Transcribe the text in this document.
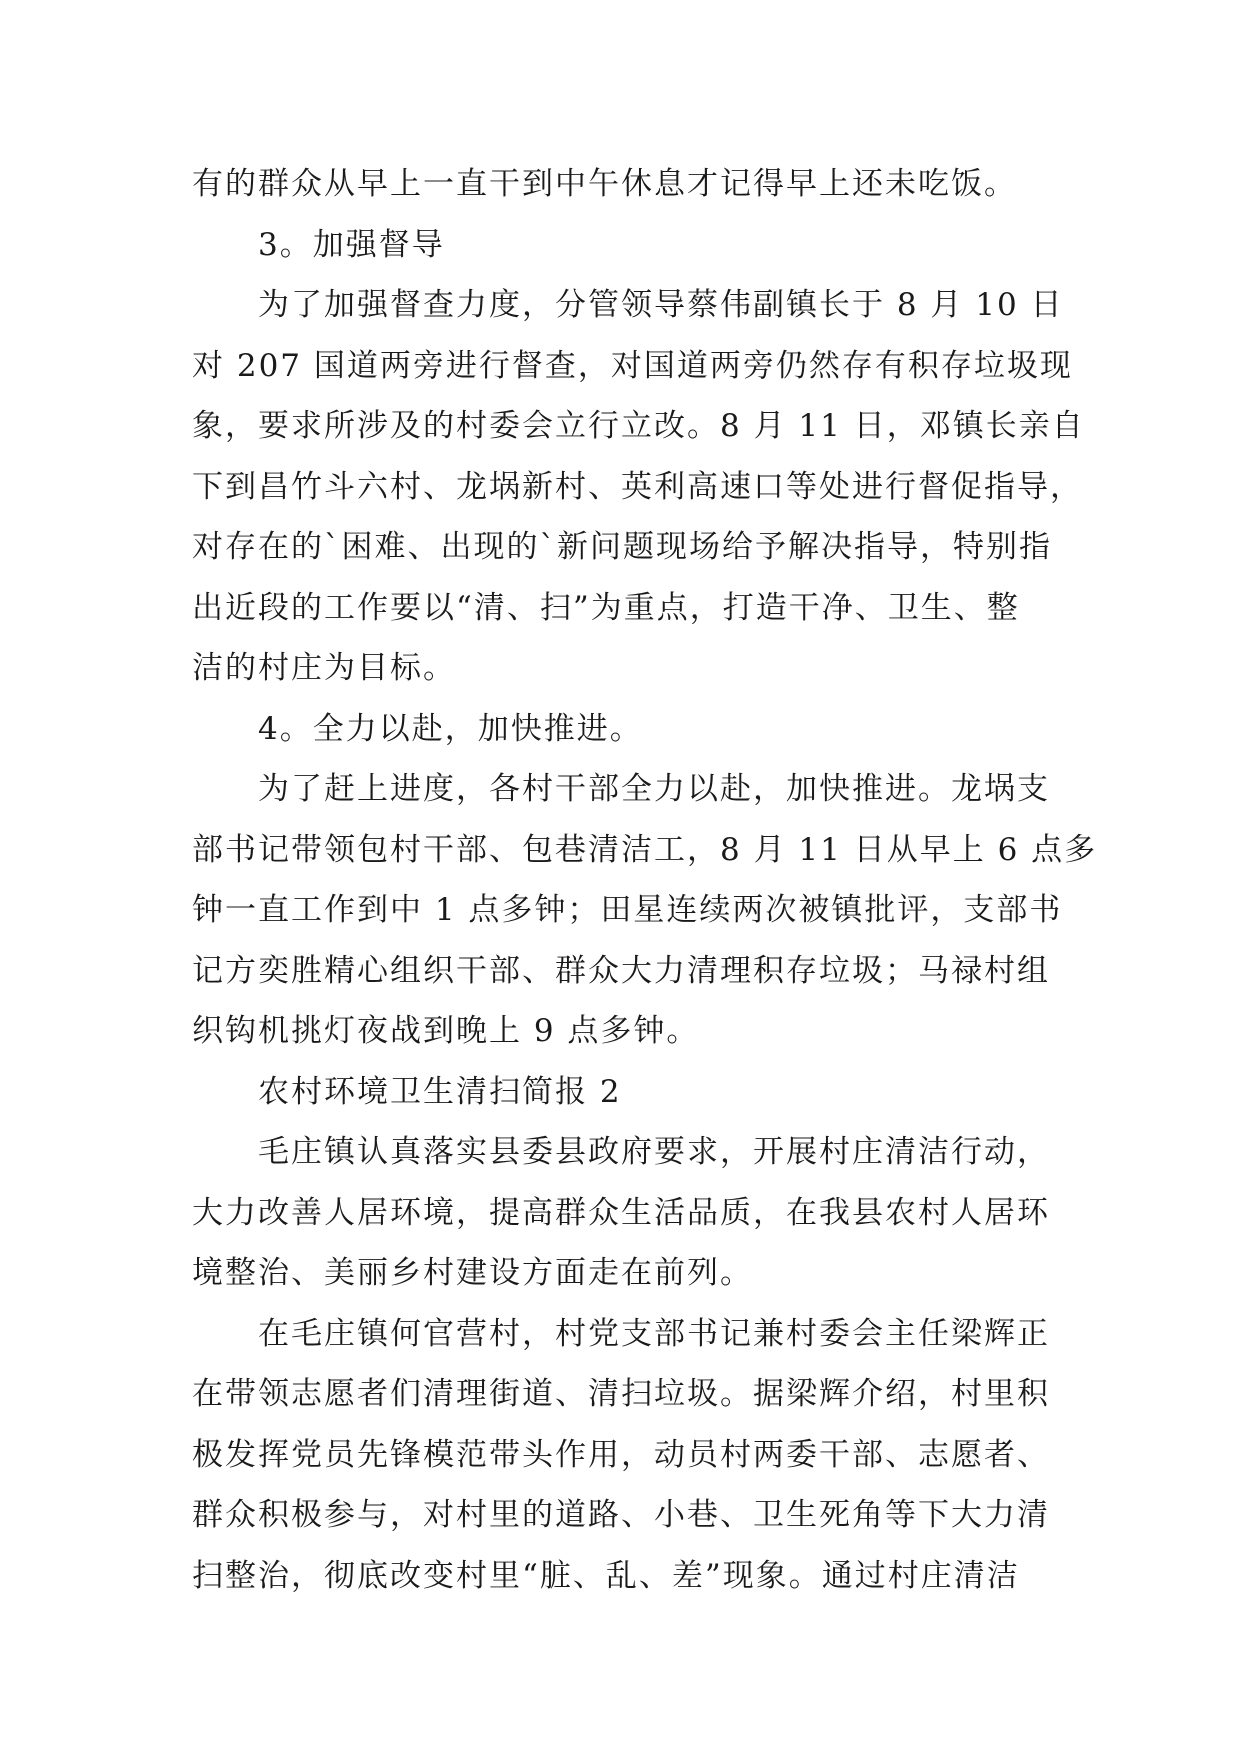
有的群众从早上一直干到中午休息才记得早上还未吃饭。
3。加强督导
为了加强督查力度，分管领导蔡伟副镇长于 8 月 10 日
对 207 国道两旁进行督查，对国道两旁仍然存有积存垃圾现
象，要求所涉及的村委会立行立改。8 月 11 日，邓镇长亲自
下到昌竹斗六村、龙埚新村、英利高速口等处进行督促指导，
对存在的`困难、出现的`新问题现场给予解决指导，特别指
出近段的工作要以“清、扫”为重点，打造干净、卫生、整
洁的村庄为目标。
4。全力以赴，加快推进。
为了赶上进度，各村干部全力以赴，加快推进。龙埚支
部书记带领包村干部、包巷清洁工，8 月 11 日从早上 6 点多
钟一直工作到中 1 点多钟；田星连续两次被镇批评，支部书
记方奕胜精心组织干部、群众大力清理积存垃圾；马禄村组
织钩机挑灯夜战到晚上 9 点多钟。
农村环境卫生清扫简报 2
毛庄镇认真落实县委县政府要求，开展村庄清洁行动，
大力改善人居环境，提高群众生活品质，在我县农村人居环
境整治、美丽乡村建设方面走在前列。
在毛庄镇何官营村，村党支部书记兼村委会主任梁辉正
在带领志愿者们清理街道、清扫垃圾。据梁辉介绍，村里积
极发挥党员先锋模范带头作用，动员村两委干部、志愿者、
群众积极参与，对村里的道路、小巷、卫生死角等下大力清
扫整治，彻底改变村里“脏、乱、差”现象。通过村庄清洁
